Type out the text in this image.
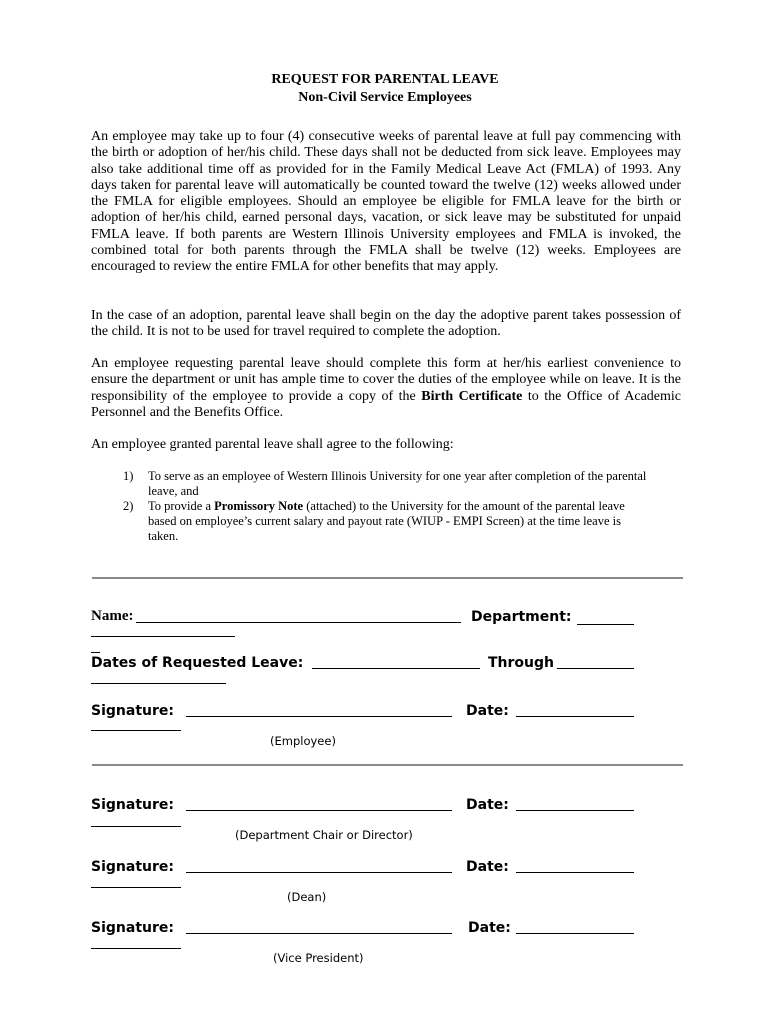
REQUEST FOR PARENTAL LEAVE
Non-Civil Service Employees

An employee may take up to four (4) consecutive weeks of parental leave at full pay commencing with the birth or adoption of her/his child. These days shall not be deducted from sick leave. Employees may also take additional time off as provided for in the Family Medical Leave Act (FMLA) of 1993. Any days taken for parental leave will automatically be counted toward the twelve (12) weeks allowed under the FMLA for eligible employees. Should an employee be eligible for FMLA leave for the birth or adoption of her/his child, earned personal days, vacation, or sick leave may be substituted for unpaid FMLA leave. If both parents are Western Illinois University employees and FMLA is invoked, the combined total for both parents through the FMLA shall be twelve (12) weeks. Employees are encouraged to review the entire FMLA for other benefits that may apply.

In the case of an adoption, parental leave shall begin on the day the adoptive parent takes possession of the child. It is not to be used for travel required to complete the adoption.

An employee requesting parental leave should complete this form at her/his earliest convenience to ensure the department or unit has ample time to cover the duties of the employee while on leave. It is the responsibility of the employee to provide a copy of the Birth Certificate to the Office of Academic Personnel and the Benefits Office.

An employee granted parental leave shall agree to the following:

1) To serve as an employee of Western Illinois University for one year after completion of the parental leave, and
2) To provide a Promissory Note (attached) to the University for the amount of the parental leave based on employee’s current salary and payout rate (WIUP - EMPI Screen) at the time leave is taken.
Name:	Department:
Dates of Requested Leave:	Through
Signature:	Date:
(Employee)
Signature:	Date:
(Department Chair or Director)
Signature:	Date:
(Dean)
Signature:	Date:
(Vice President)
